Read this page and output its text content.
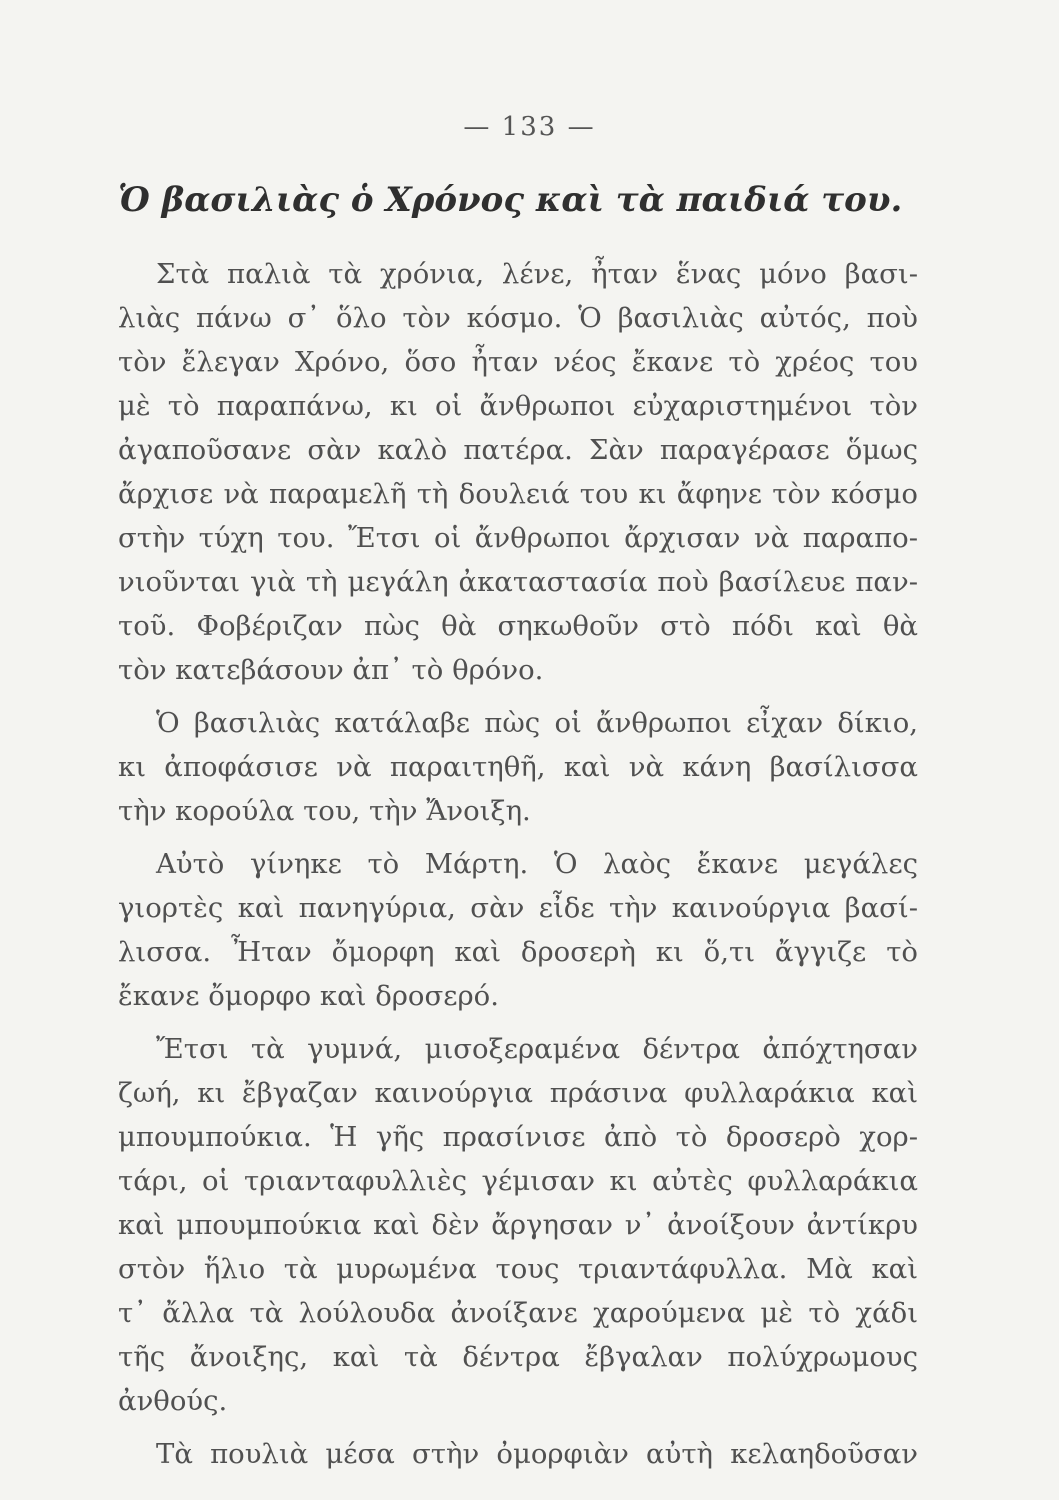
— 133 —
Ὁ βασιλιὰς ὁ Χρόνος καὶ τὰ παιδιά του.
Στὰ παλιὰ τὰ χρόνια, λένε, ἦταν ἕνας μόνο βασι-
λιὰς πάνω σ᾽ ὅλο τὸν κόσμο. Ὁ βασιλιὰς αὐτός, ποὺ
τὸν ἔλεγαν Χρόνο, ὅσο ἦταν νέος ἔκανε τὸ χρέος του
μὲ τὸ παραπάνω, κι οἱ ἄνθρωποι εὐχαριστημένοι τὸν
ἀγαποῦσανε σὰν καλὸ πατέρα. Σὰν παραγέρασε ὅμως
ἄρχισε νὰ παραμελῆ τὴ δουλειά του κι ἄφηνε τὸν κόσμο
στὴν τύχη του. Ἔτσι οἱ ἄνθρωποι ἄρχισαν νὰ παραπο-
νιοῦνται γιὰ τὴ μεγάλη ἀκαταστασία ποὺ βασίλευε παν-
τοῦ. Φοβέριζαν πὼς θὰ σηκωθοῦν στὸ πόδι καὶ θὰ
τὸν κατεβάσουν ἀπ᾽ τὸ θρόνο.
Ὁ βασιλιὰς κατάλαβε πὼς οἱ ἄνθρωποι εἶχαν δίκιο,
κι ἀποφάσισε νὰ παραιτηθῆ, καὶ νὰ κάνη βασίλισσα
τὴν κορούλα του, τὴν Ἄνοιξη.
Αὐτὸ γίνηκε τὸ Μάρτη. Ὁ λαὸς ἔκανε μεγάλες
γιορτὲς καὶ πανηγύρια, σὰν εἶδε τὴν καινούργια βασί-
λισσα. Ἦταν ὄμορφη καὶ δροσερὴ κι ὅ,τι ἄγγιζε τὸ
ἔκανε ὄμορφο καὶ δροσερό.
Ἔτσι τὰ γυμνά, μισοξεραμένα δέντρα ἀπόχτησαν
ζωή, κι ἔβγαζαν καινούργια πράσινα φυλλαράκια καὶ
μπουμπούκια. Ἡ γῆς πρασίνισε ἀπὸ τὸ δροσερὸ χορ-
τάρι, οἱ τριανταφυλλιὲς γέμισαν κι αὐτὲς φυλλαράκια
καὶ μπουμπούκια καὶ δὲν ἄργησαν ν᾽ ἀνοίξουν ἀντίκρυ
στὸν ἥλιο τὰ μυρωμένα τους τριαντάφυλλα. Μὰ καὶ
τ᾽ ἄλλα τὰ λούλουδα ἀνοίξανε χαρούμενα μὲ τὸ χάδι
τῆς ἄνοιξης, καὶ τὰ δέντρα ἔβγαλαν πολύχρωμους
ἀνθούς.
Τὰ πουλιὰ μέσα στὴν ὀμορφιὰν αὐτὴ κελαηδοῦσαν
